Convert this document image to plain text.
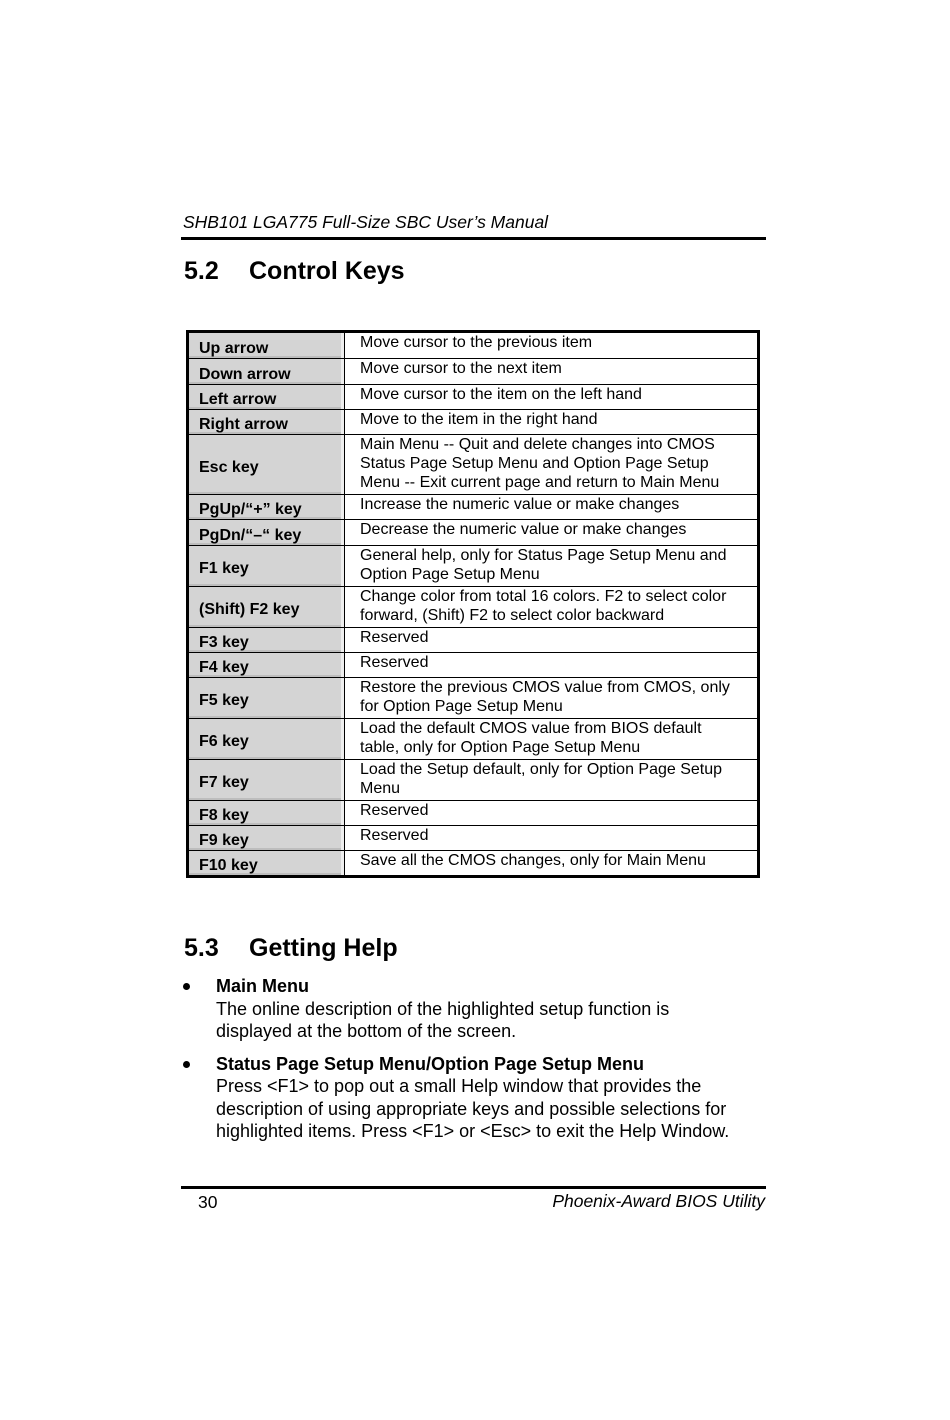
SHB101 LGA775 Full-Size SBC User’s Manual
5.2 Control Keys
Up arrow	Move cursor to the previous item

Down arrow	Move cursor to the next item

Left arrow	Move cursor to the item on the left hand

Right arrow	Move to the item in the right hand

Esc key	Main Menu -- Quit and delete changes into CMOS
Status Page Setup Menu and Option Page Setup
Menu -- Exit current page and return to Main Menu

PgUp/“+” key	Increase the numeric value or make changes

PgDn/“–“ key	Decrease the numeric value or make changes

F1 key	General help, only for Status Page Setup Menu and
Option Page Setup Menu

(Shift) F2 key	Change color from total 16 colors. F2 to select color
forward, (Shift) F2 to select color backward

F3 key	Reserved

F4 key	Reserved

F5 key	Restore the previous CMOS value from CMOS, only
for Option Page Setup Menu

F6 key	Load the default CMOS value from BIOS default
table, only for Option Page Setup Menu

F7 key	Load the Setup default, only for Option Page Setup
Menu

F8 key	Reserved

F9 key	Reserved

F10 key	Save all the CMOS changes, only for Main Menu
5.3 Getting Help
Main Menu
The online description of the highlighted setup function is
displayed at the bottom of the screen.
Status Page Setup Menu/Option Page Setup Menu
Press <F1> to pop out a small Help window that provides the
description of using appropriate keys and possible selections for
highlighted items. Press <F1> or <Esc> to exit the Help Window.
30	Phoenix-Award BIOS Utility
